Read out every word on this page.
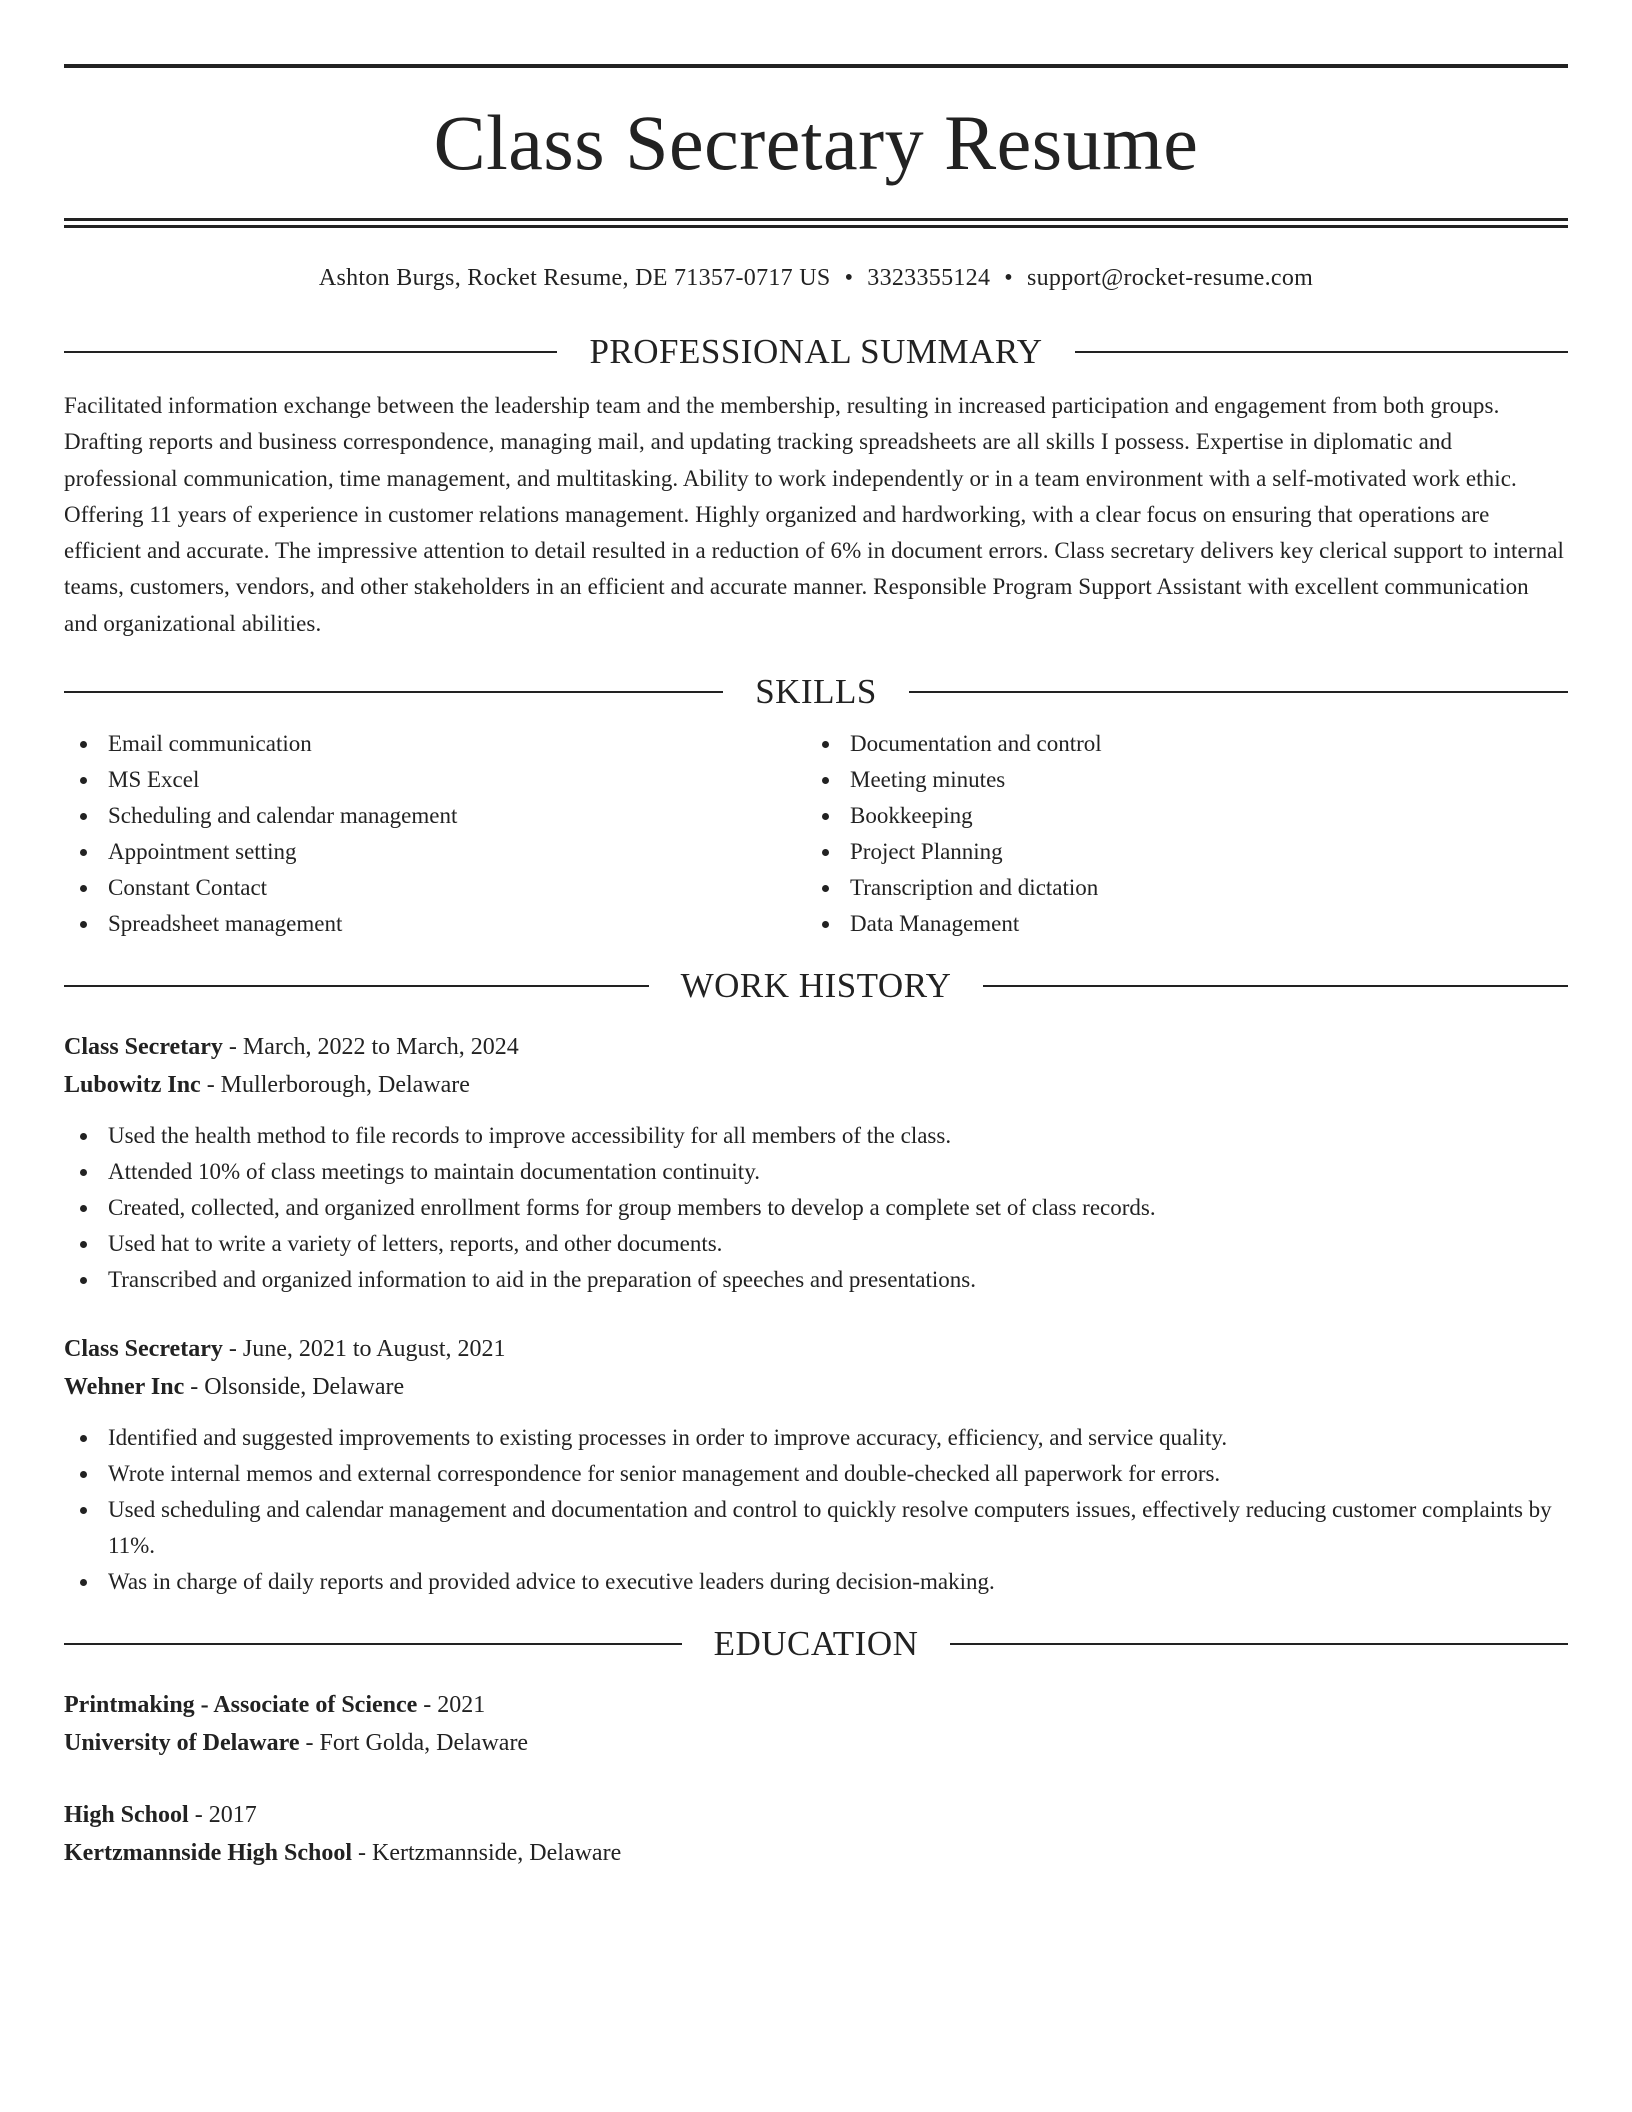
Class Secretary Resume
Ashton Burgs, Rocket Resume, DE 71357-0717 US • 3323355124 • support@rocket-resume.com
PROFESSIONAL SUMMARY

Facilitated information exchange between the leadership team and the membership, resulting in increased participation and engagement from both groups. Drafting reports and business correspondence, managing mail, and updating tracking spreadsheets are all skills I possess. Expertise in diplomatic and professional communication, time management, and multitasking. Ability to work independently or in a team environment with a self-motivated work ethic. Offering 11 years of experience in customer relations management. Highly organized and hardworking, with a clear focus on ensuring that operations are efficient and accurate. The impressive attention to detail resulted in a reduction of 6% in document errors. Class secretary delivers key clerical support to internal teams, customers, vendors, and other stakeholders in an efficient and accurate manner. Responsible Program Support Assistant with excellent communication and organizational abilities.

SKILLS
Email communication
MS Excel
Scheduling and calendar management
Appointment setting
Constant Contact
Spreadsheet management
Documentation and control
Meeting minutes
Bookkeeping
Project Planning
Transcription and dictation
Data Management
WORK HISTORY
Class Secretary - March, 2022 to March, 2024
Lubowitz Inc - Mullerborough, Delaware
Used the health method to file records to improve accessibility for all members of the class.
Attended 10% of class meetings to maintain documentation continuity.
Created, collected, and organized enrollment forms for group members to develop a complete set of class records.
Used hat to write a variety of letters, reports, and other documents.
Transcribed and organized information to aid in the preparation of speeches and presentations.
Class Secretary - June, 2021 to August, 2021
Wehner Inc - Olsonside, Delaware
Identified and suggested improvements to existing processes in order to improve accuracy, efficiency, and service quality.
Wrote internal memos and external correspondence for senior management and double-checked all paperwork for errors.
Used scheduling and calendar management and documentation and control to quickly resolve computers issues, effectively reducing customer complaints by 11%.
Was in charge of daily reports and provided advice to executive leaders during decision-making.
EDUCATION
Printmaking - Associate of Science - 2021
University of Delaware - Fort Golda, Delaware
High School - 2017
Kertzmannside High School - Kertzmannside, Delaware
